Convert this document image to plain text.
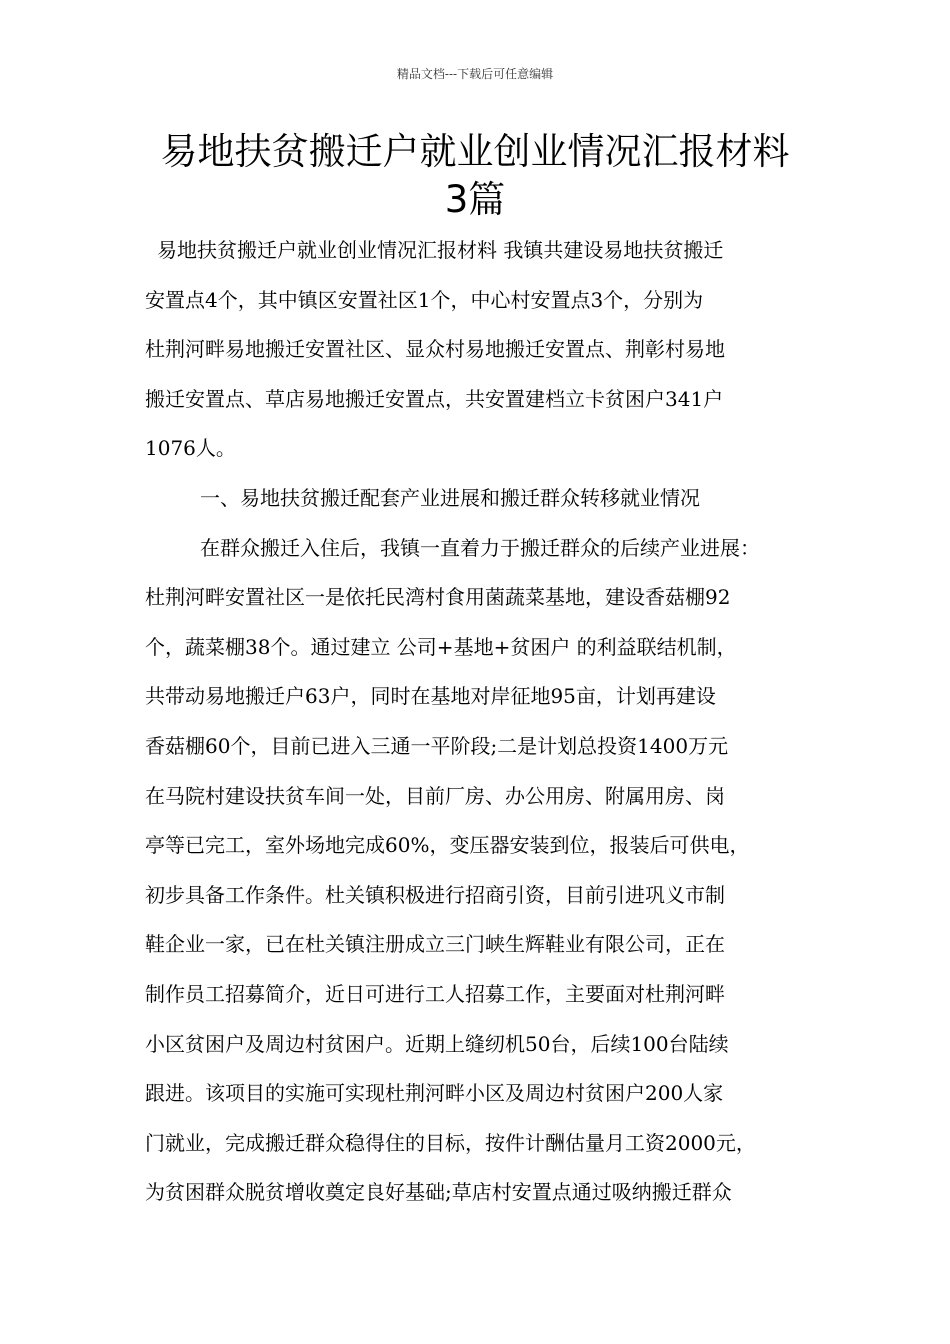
精品文档---下载后可任意编辑
易地扶贫搬迁户就业创业情况汇报材料
3篇
易地扶贫搬迁户就业创业情况汇报材料 我镇共建设易地扶贫搬迁
安置点4个，其中镇区安置社区1个，中心村安置点3个，分别为
杜荆河畔易地搬迁安置社区、显众村易地搬迁安置点、荆彰村易地
搬迁安置点、草店易地搬迁安置点，共安置建档立卡贫困户341户
1076人。
一、易地扶贫搬迁配套产业进展和搬迁群众转移就业情况
在群众搬迁入住后，我镇一直着力于搬迁群众的后续产业进展：
杜荆河畔安置社区一是依托民湾村食用菌蔬菜基地，建设香菇棚92
个，蔬菜棚38个。通过建立 公司+基地+贫困户 的利益联结机制，
共带动易地搬迁户63户，同时在基地对岸征地95亩，计划再建设
香菇棚60个，目前已进入三通一平阶段;二是计划总投资1400万元
在马院村建设扶贫车间一处，目前厂房、办公用房、附属用房、岗
亭等已完工，室外场地完成60%，变压器安装到位，报装后可供电，
初步具备工作条件。杜关镇积极进行招商引资，目前引进巩义市制
鞋企业一家，已在杜关镇注册成立三门峡生辉鞋业有限公司，正在
制作员工招募简介，近日可进行工人招募工作，主要面对杜荆河畔
小区贫困户及周边村贫困户。近期上缝纫机50台，后续100台陆续
跟进。该项目的实施可实现杜荆河畔小区及周边村贫困户200人家
门就业，完成搬迁群众稳得住的目标，按件计酬估量月工资2000元，
为贫困群众脱贫增收奠定良好基础;草店村安置点通过吸纳搬迁群众
